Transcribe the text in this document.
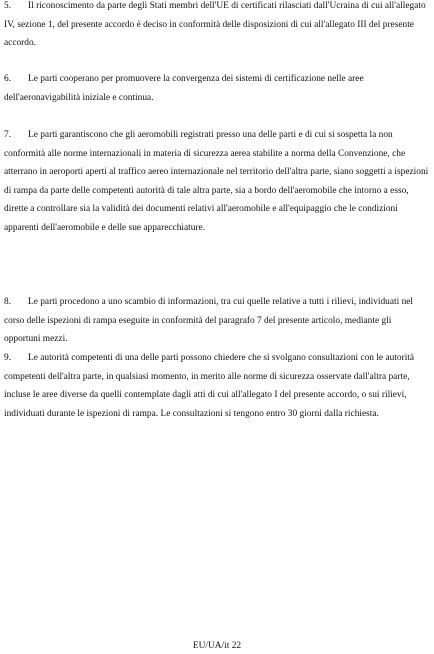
5. Il riconoscimento da parte degli Stati membri dell'UE di certificati rilasciati dall'Ucraina di cui all'allegato IV, sezione 1, del presente accordo è deciso in conformità delle disposizioni di cui all'allegato III del presente accordo.

6. Le parti cooperano per promuovere la convergenza dei sistemi di certificazione nelle aree dell'aeronavigabilità iniziale e continua.

7. Le parti garantiscono che gli aeromobili registrati presso una delle parti e di cui si sospetta la non conformità alle norme internazionali in materia di sicurezza aerea stabilite a norma della Convenzione, che atterrano in aeroporti aperti al traffico aereo internazionale nel territorio dell'altra parte, siano soggetti a ispezioni di rampa da parte delle competenti autorità di tale altra parte, sia a bordo dell'aeromobile che intorno a esso, dirette a controllare sia la validità dei documenti relativi all'aeromobile e all'equipaggio che le condizioni apparenti dell'aeromobile e delle sue apparecchiature.

8. Le parti procedono a uno scambio di informazioni, tra cui quelle relative a tutti i rilievi, individuati nel corso delle ispezioni di rampa eseguite in conformità del paragrafo 7 del presente articolo, mediante gli opportuni mezzi.

9. Le autorità competenti di una delle parti possono chiedere che si svolgano consultazioni con le autorità competenti dell'altra parte, in qualsiasi momento, in merito alle norme di sicurezza osservate dall'altra parte, incluse le aree diverse da quelli contemplate dagli atti di cui all'allegato I del presente accordo, o sui rilievi, individuati durante le ispezioni di rampa. Le consultazioni si tengono entro 30 giorni dalla richiesta.

EU/UA/it 22
